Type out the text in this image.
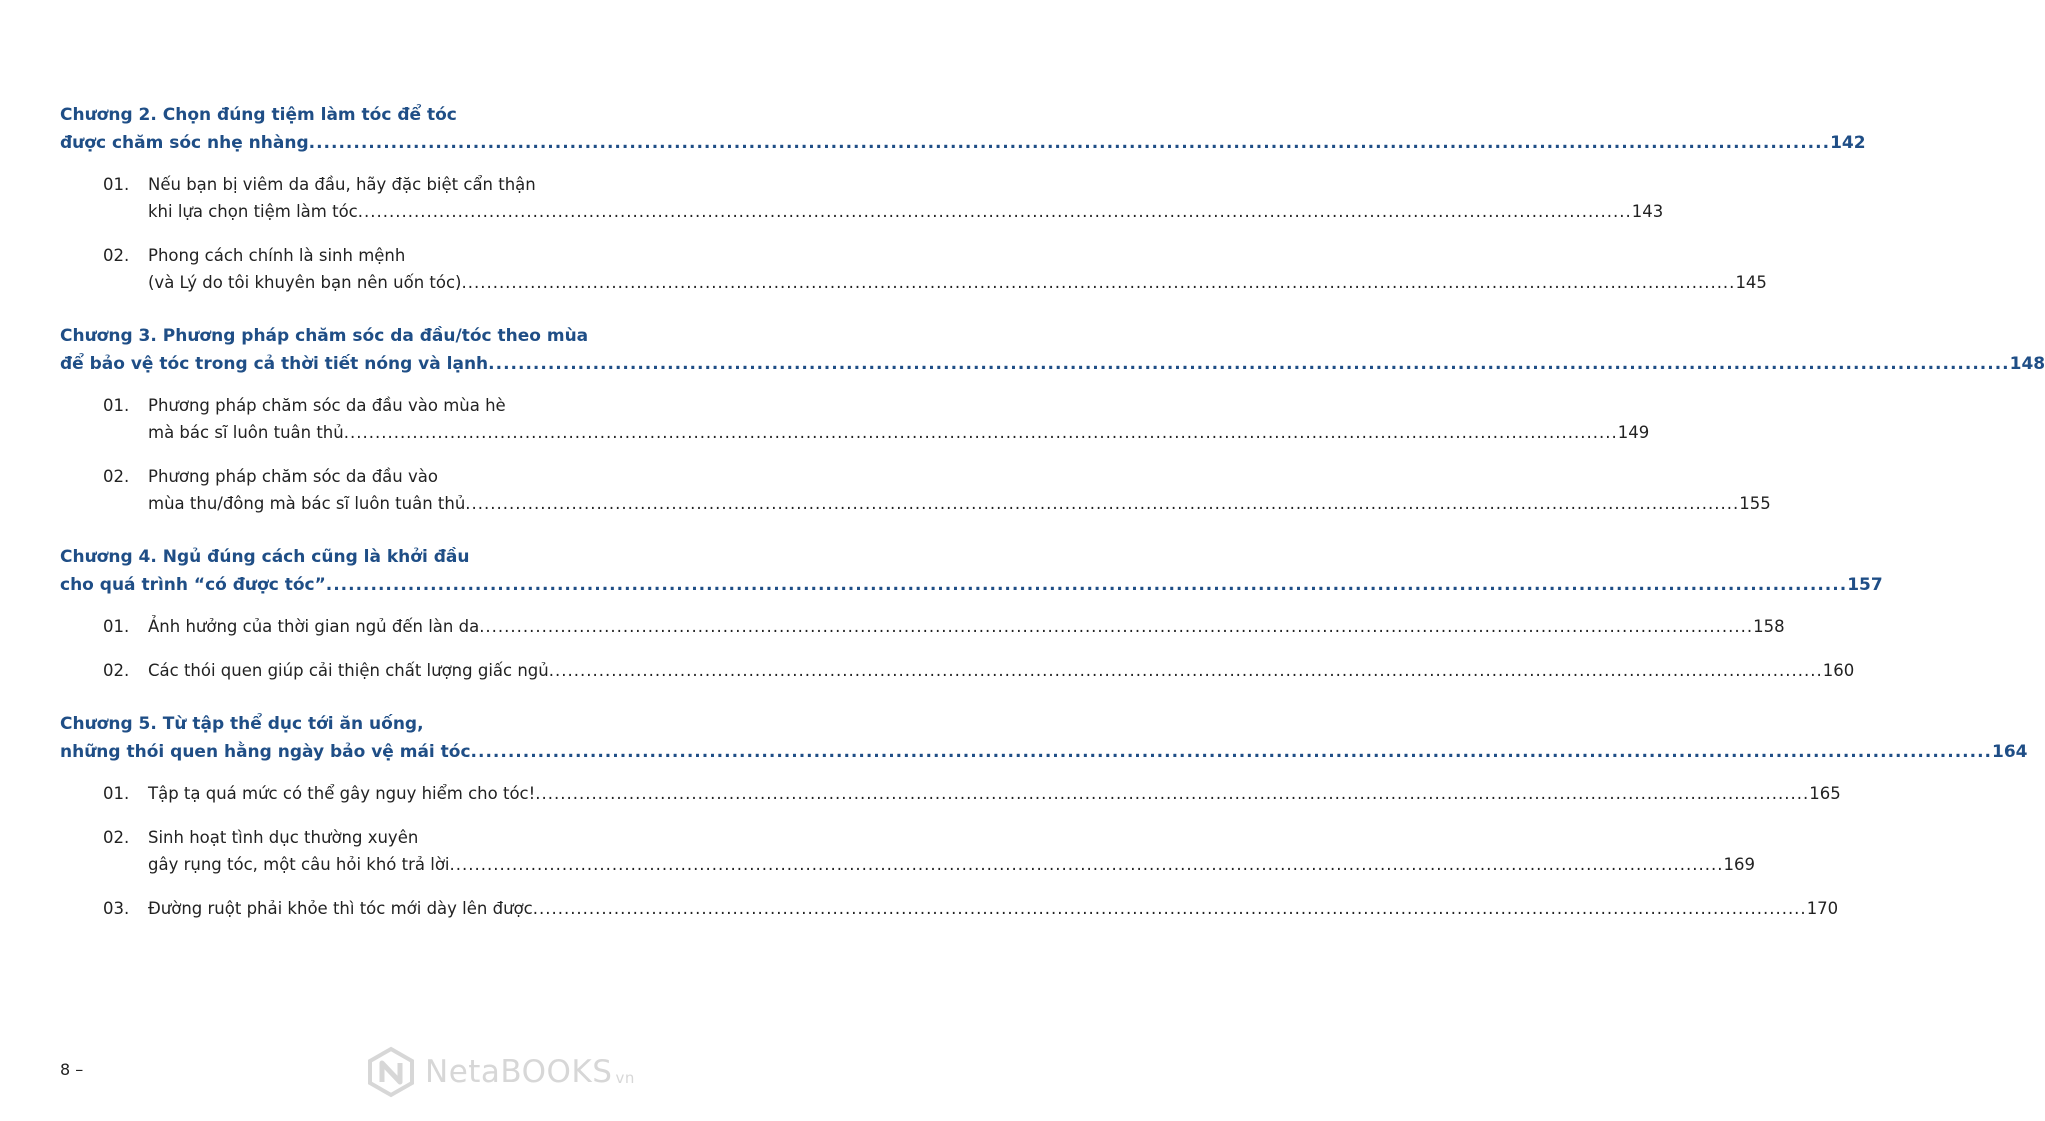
Chương 2. Chọn đúng tiệm làm tóc để tóc
được chăm sóc nhẹ nhàng .....	142
01.	Nếu bạn bị viêm da đầu, hãy đặc biệt cẩn thận
khi lựa chọn tiệm làm tóc .....	143
02.	Phong cách chính là sinh mệnh
(và Lý do tôi khuyên bạn nên uốn tóc) .....	145
Chương 3. Phương pháp chăm sóc da đầu/tóc theo mùa
để bảo vệ tóc trong cả thời tiết nóng và lạnh .....	148
01.	Phương pháp chăm sóc da đầu vào mùa hè
mà bác sĩ luôn tuân thủ .....	149
02.	Phương pháp chăm sóc da đầu vào
mùa thu/đông mà bác sĩ luôn tuân thủ .....	155
Chương 4. Ngủ đúng cách cũng là khởi đầu
cho quá trình “có được tóc” .....	157
01.	Ảnh hưởng của thời gian ngủ đến làn da .....	158
02.	Các thói quen giúp cải thiện chất lượng giấc ngủ .....	160
Chương 5. Từ tập thể dục tới ăn uống,
những thói quen hằng ngày bảo vệ mái tóc .....	164
01.	Tập tạ quá mức có thể gây nguy hiểm cho tóc! .....	165
02.	Sinh hoạt tình dục thường xuyên
gây rụng tóc, một câu hỏi khó trả lời .....	169
03.	Đường ruột phải khỏe thì tóc mới dày lên được .....	170
8 –	NetaBOOKS vn
